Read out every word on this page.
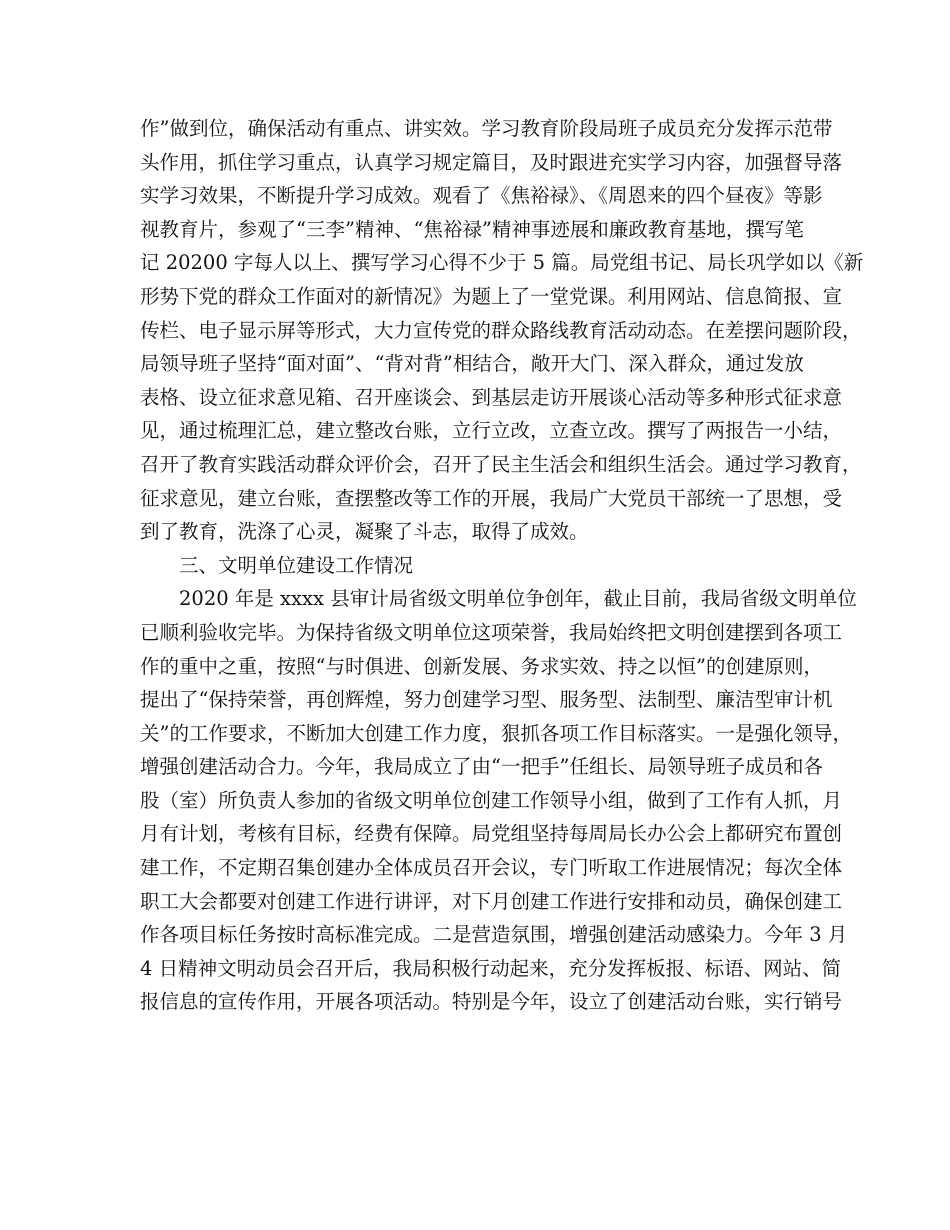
作”做到位，确保活动有重点、讲实效。学习教育阶段局班子成员充分发挥示范带
头作用，抓住学习重点，认真学习规定篇目，及时跟进充实学习内容，加强督导落
实学习效果，不断提升学习成效。观看了《焦裕禄》、《周恩来的四个昼夜》等影
视教育片，参观了“三李”精神、“焦裕禄”精神事迹展和廉政教育基地，撰写笔
记 20200 字每人以上、撰写学习心得不少于 5 篇。局党组书记、局长巩学如以《新
形势下党的群众工作面对的新情况》为题上了一堂党课。利用网站、信息简报、宣
传栏、电子显示屏等形式，大力宣传党的群众路线教育活动动态。在差摆问题阶段，
局领导班子坚持“面对面”、“背对背”相结合，敞开大门、深入群众，通过发放
表格、设立征求意见箱、召开座谈会、到基层走访开展谈心活动等多种形式征求意
见，通过梳理汇总，建立整改台账，立行立改，立查立改。撰写了两报告一小结，
召开了教育实践活动群众评价会，召开了民主生活会和组织生活会。通过学习教育，
征求意见，建立台账，查摆整改等工作的开展，我局广大党员干部统一了思想，受
到了教育，洗涤了心灵，凝聚了斗志，取得了成效。
三、文明单位建设工作情况
2020 年是 xxxx 县审计局省级文明单位争创年，截止目前，我局省级文明单位
已顺利验收完毕。为保持省级文明单位这项荣誉，我局始终把文明创建摆到各项工
作的重中之重，按照“与时俱进、创新发展、务求实效、持之以恒”的创建原则，
提出了“保持荣誉，再创辉煌，努力创建学习型、服务型、法制型、廉洁型审计机
关”的工作要求，不断加大创建工作力度，狠抓各项工作目标落实。一是强化领导，
增强创建活动合力。今年，我局成立了由“一把手”任组长、局领导班子成员和各
股（室）所负责人参加的省级文明单位创建工作领导小组，做到了工作有人抓，月
月有计划，考核有目标，经费有保障。局党组坚持每周局长办公会上都研究布置创
建工作，不定期召集创建办全体成员召开会议，专门听取工作进展情况；每次全体
职工大会都要对创建工作进行讲评，对下月创建工作进行安排和动员，确保创建工
作各项目标任务按时高标准完成。二是营造氛围，增强创建活动感染力。今年 3 月
4 日精神文明动员会召开后，我局积极行动起来，充分发挥板报、标语、网站、简
报信息的宣传作用，开展各项活动。特别是今年，设立了创建活动台账，实行销号
